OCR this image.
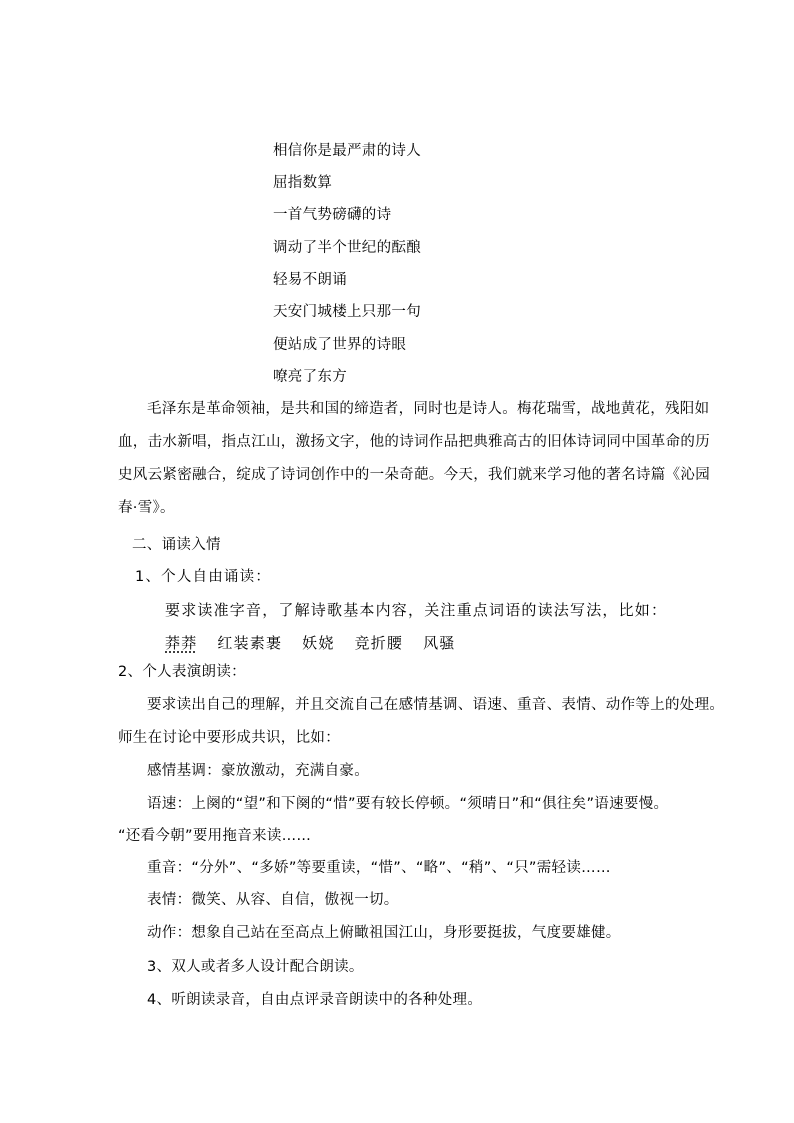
相信你是最严肃的诗人
屈指数算
一首气势磅礴的诗
调动了半个世纪的酝酿
轻易不朗诵
天安门城楼上只那一句
便站成了世界的诗眼
嘹亮了东方
毛泽东是革命领袖，是共和国的缔造者，同时也是诗人。梅花瑞雪，战地黄花，残阳如
血，击水新唱，指点江山，激扬文字，他的诗词作品把典雅高古的旧体诗词同中国革命的历
史风云紧密融合，绽成了诗词创作中的一朵奇葩。今天，我们就来学习他的著名诗篇《沁园
春·雪》。
二、诵读入情
1、个人自由诵读：
要求读准字音，了解诗歌基本内容，关注重点词语的读法写法，比如：
莽莽 红装素裹 妖娆 竞折腰 风骚
2、个人表演朗读：
要求读出自己的理解，并且交流自己在感情基调、语速、重音、表情、动作等上的处理。
师生在讨论中要形成共识，比如：
感情基调：豪放激动，充满自豪。
语速：上阕的“望”和下阕的“惜”要有较长停顿。“须晴日”和“俱往矣”语速要慢。
“还看今朝”要用拖音来读……
重音：“分外”、“多娇”等要重读，“惜”、“略”、“稍”、“只”需轻读……
表情：微笑、从容、自信，傲视一切。
动作：想象自己站在至高点上俯瞰祖国江山，身形要挺拔，气度要雄健。
3、双人或者多人设计配合朗读。
4、听朗读录音，自由点评录音朗读中的各种处理。
